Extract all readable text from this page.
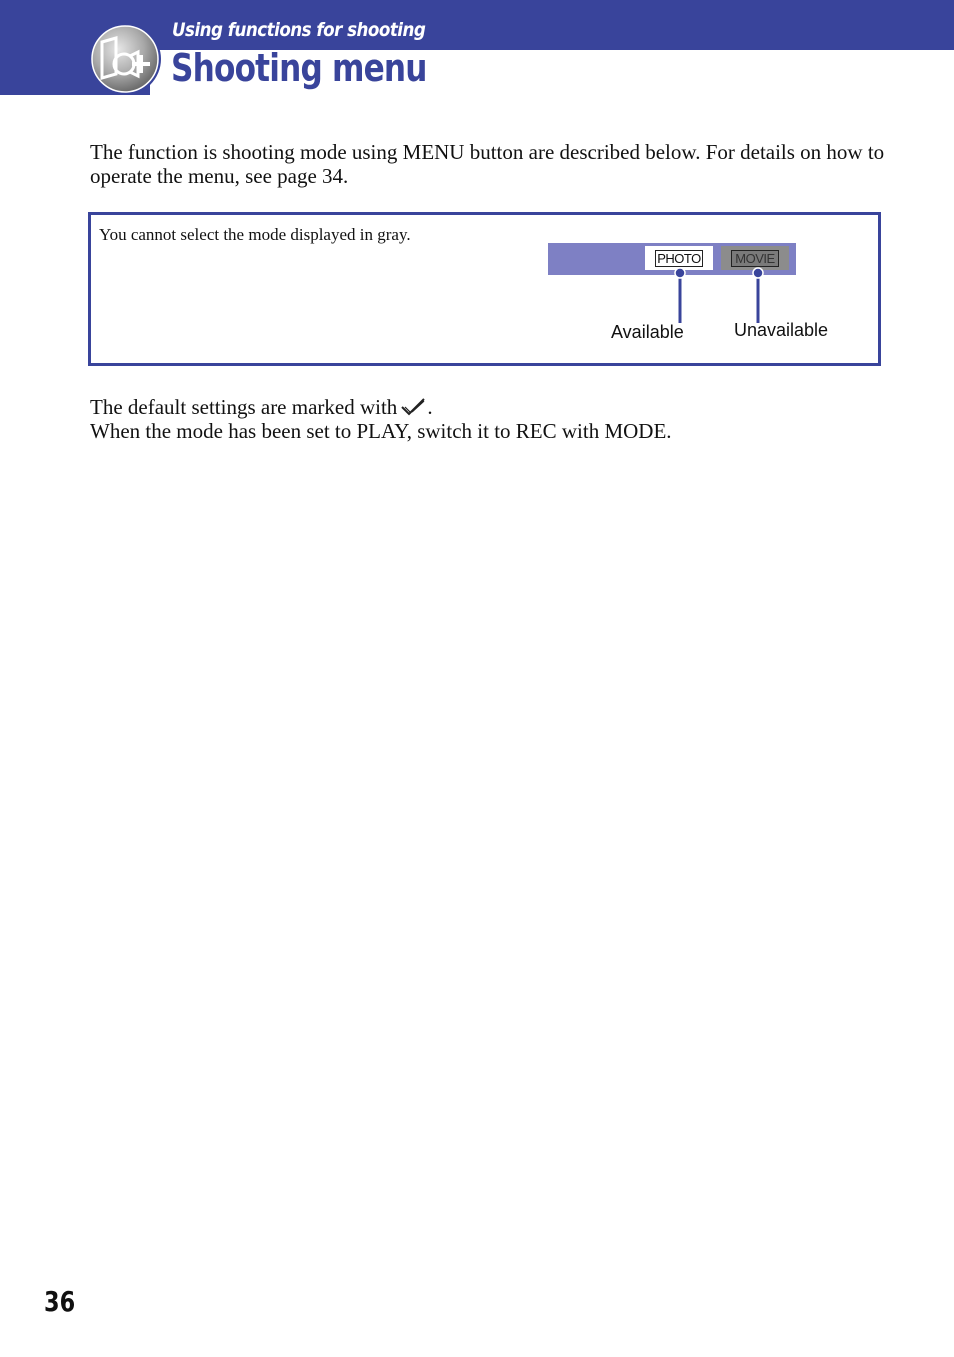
Using functions for shooting
Shooting menu

The function is shooting mode using MENU button are described below. For details on how to operate the menu, see page 34.

You cannot select the mode displayed in gray.
PHOTO	MOVIE
Available	Unavailable

The default settings are marked with .
When the mode has been set to PLAY, switch it to REC with MODE.

36
